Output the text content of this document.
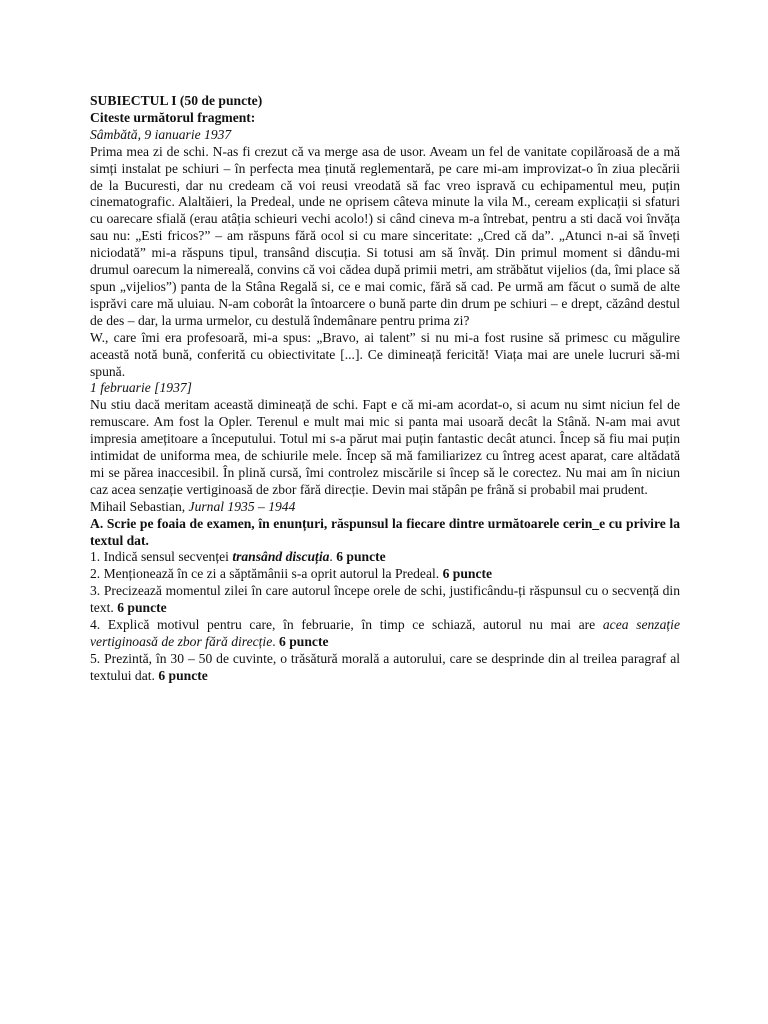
SUBIECTUL I (50 de puncte)

Citeste următorul fragment:

Sâmbătă, 9 ianuarie 1937

Prima mea zi de schi. N-as fi crezut că va merge asa de usor. Aveam un fel de vanitate copilăroasă de a mă simți instalat pe schiuri – în perfecta mea ținută reglementară, pe care mi-am improvizat-o în ziua plecării de la Bucuresti, dar nu credeam că voi reusi vreodată să fac vreo ispravă cu echipamentul meu, puțin cinematografic. Alaltăieri, la Predeal, unde ne oprisem câteva minute la vila M., ceream explicații si sfaturi cu oarecare sfială (erau atâția schieuri vechi acolo!) si când cineva m-a întrebat, pentru a sti dacă voi învăța sau nu: „Esti fricos?” – am răspuns fără ocol si cu mare sinceritate: „Cred că da”. „Atunci n-ai să înveți niciodată” mi-a răspuns tipul, transând discuția. Si totusi am să învăț. Din primul moment si dându-mi drumul oarecum la nimereală, convins că voi cădea după primii metri, am străbătut vijelios (da, îmi place să spun „vijelios”) panta de la Stâna Regală si, ce e mai comic, fără să cad. Pe urmă am făcut o sumă de alte isprăvi care mă uluiau. N-am coborât la întoarcere o bună parte din drum pe schiuri – e drept, căzând destul de des – dar, la urma urmelor, cu destulă îndemânare pentru prima zi?

W., care îmi era profesoară, mi-a spus: „Bravo, ai talent” si nu mi-a fost rusine să primesc cu măgulire această notă bună, conferită cu obiectivitate [...]. Ce dimineață fericită! Viața mai are unele lucruri să-mi spună.

1 februarie [1937]

Nu stiu dacă meritam această dimineață de schi. Fapt e că mi-am acordat-o, si acum nu simt niciun fel de remuscare. Am fost la Opler. Terenul e mult mai mic si panta mai usoară decât la Stână. N-am mai avut impresia amețitoare a începutului. Totul mi s-a părut mai puțin fantastic decât atunci. Încep să fiu mai puțin intimidat de uniforma mea, de schiurile mele. Încep să mă familiarizez cu întreg acest aparat, care altădată mi se părea inaccesibil. În plină cursă, îmi controlez miscările si încep să le corectez. Nu mai am în niciun caz acea senzație vertiginoasă de zbor fără direcție. Devin mai stăpân pe frână si probabil mai prudent.

Mihail Sebastian, Jurnal 1935 – 1944

A. Scrie pe foaia de examen, în enunțuri, răspunsul la fiecare dintre următoarele cerin_e cu privire la textul dat.

1. Indică sensul secvenței transând discuția. 6 puncte

2. Menționează în ce zi a săptămânii s-a oprit autorul la Predeal. 6 puncte

3. Precizează momentul zilei în care autorul începe orele de schi, justificându-ți răspunsul cu o secvență din text. 6 puncte

4. Explică motivul pentru care, în februarie, în timp ce schiază, autorul nu mai are acea senzație vertiginoasă de zbor fără direcție. 6 puncte

5. Prezintă, în 30 – 50 de cuvinte, o trăsătură morală a autorului, care se desprinde din al treilea paragraf al textului dat. 6 puncte
